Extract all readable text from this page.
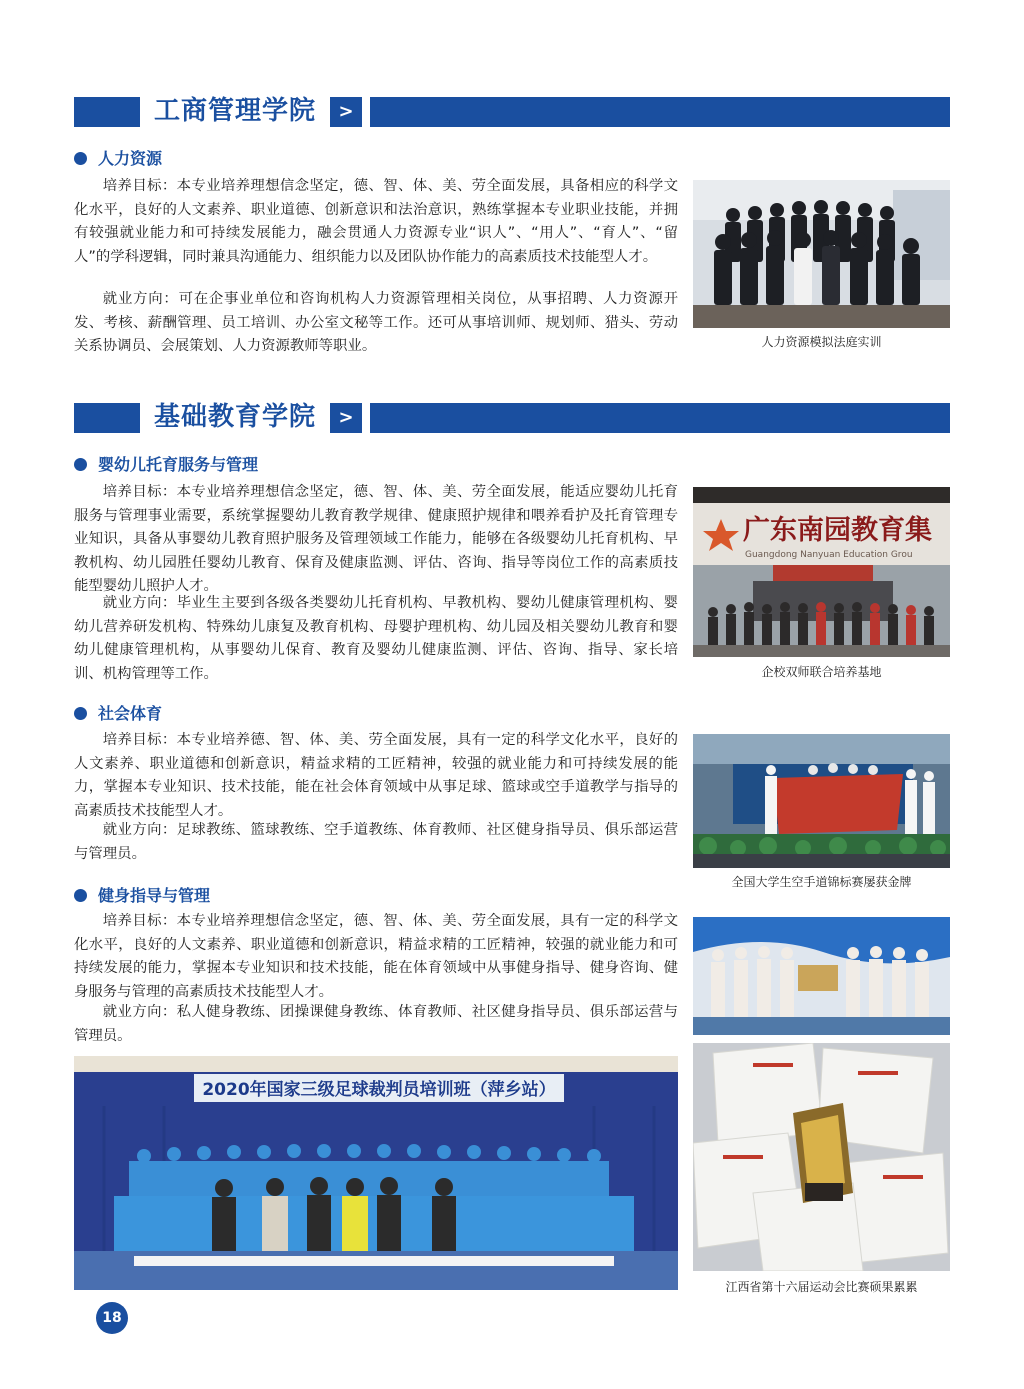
工商管理学院	>
人力资源
培养目标：本专业培养理想信念坚定，德、智、体、美、劳全面发展，具备相应的科学文化水平，良好的人文素养、职业道德、创新意识和法治意识，熟练掌握本专业职业技能，并拥有较强就业能力和可持续发展能力，融会贯通人力资源专业“识人”、“用人”、“育人”、“留人”的学科逻辑，同时兼具沟通能力、组织能力以及团队协作能力的高素质技术技能型人才。
就业方向：可在企事业单位和咨询机构人力资源管理相关岗位，从事招聘、人力资源开发、考核、薪酬管理、员工培训、办公室文秘等工作。还可从事培训师、规划师、猎头、劳动关系协调员、会展策划、人力资源教师等职业。	人力资源模拟法庭实训
基础教育学院	>
婴幼儿托育服务与管理
培养目标：本专业培养理想信念坚定，德、智、体、美、劳全面发展，能适应婴幼儿托育服务与管理事业需要，系统掌握婴幼儿教育教学规律、健康照护规律和喂养看护及托育管理专业知识，具备从事婴幼儿教育照护服务及管理领域工作能力，能够在各级婴幼儿托育机构、早教机构、幼儿园胜任婴幼儿教育、保育及健康监测、评估、咨询、指导等岗位工作的高素质技能型婴幼儿照护人才。
就业方向：毕业生主要到各级各类婴幼儿托育机构、早教机构、婴幼儿健康管理机构、婴幼儿营养研发机构、特殊幼儿康复及教育机构、母婴护理机构、幼儿园及相关婴幼儿教育和婴幼儿健康管理机构，从事婴幼儿保育、教育及婴幼儿健康监测、评估、咨询、指导、家长培训、机构管理等工作。
广东南园教育集
Guangdong Nanyuan Education Grou
企校双师联合培养基地
社会体育
培养目标：本专业培养德、智、体、美、劳全面发展，具有一定的科学文化水平，良好的人文素养、职业道德和创新意识，精益求精的工匠精神，较强的就业能力和可持续发展的能力，掌握本专业知识、技术技能，能在社会体育领域中从事足球、篮球或空手道教学与指导的高素质技术技能型人才。
就业方向：足球教练、篮球教练、空手道教练、体育教师、社区健身指导员、俱乐部运营与管理员。
全国大学生空手道锦标赛屡获金牌
健身指导与管理
培养目标：本专业培养理想信念坚定，德、智、体、美、劳全面发展，具有一定的科学文化水平，良好的人文素养、职业道德和创新意识，精益求精的工匠精神，较强的就业能力和可持续发展的能力，掌握本专业知识和技术技能，能在体育领域中从事健身指导、健身咨询、健身服务与管理的高素质技术技能型人才。
就业方向：私人健身教练、团操课健身教练、体育教师、社区健身指导员、俱乐部运营与管理员。
江西省第十六届运动会比赛硕果累累
2020年国家三级足球裁判员培训班（萍乡站）
18
